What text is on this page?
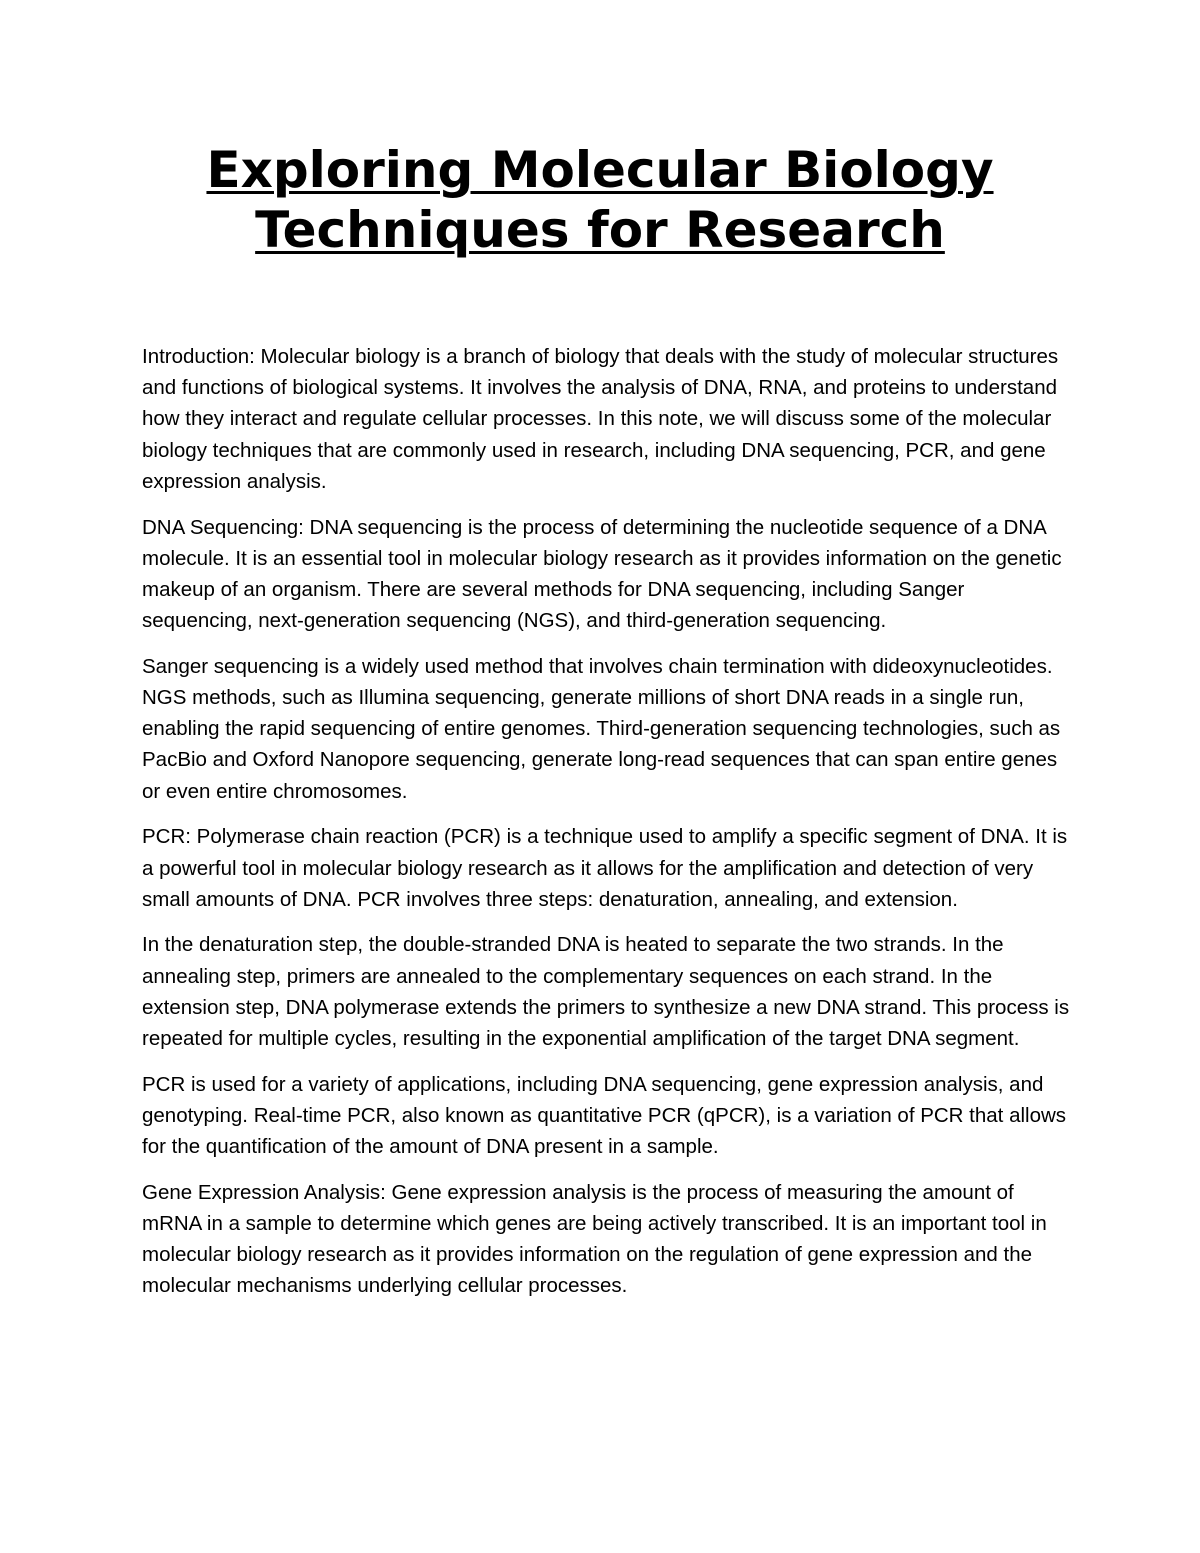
Exploring Molecular Biology
Techniques for Research

Introduction: Molecular biology is a branch of biology that deals with the study of molecular structures and functions of biological systems. It involves the analysis of DNA, RNA, and proteins to understand how they interact and regulate cellular processes. In this note, we will discuss some of the molecular biology techniques that are commonly used in research, including DNA sequencing, PCR, and gene expression analysis.

DNA Sequencing: DNA sequencing is the process of determining the nucleotide sequence of a DNA molecule. It is an essential tool in molecular biology research as it provides information on the genetic makeup of an organism. There are several methods for DNA sequencing, including Sanger sequencing, next-generation sequencing (NGS), and third-generation sequencing.

Sanger sequencing is a widely used method that involves chain termination with dideoxynucleotides. NGS methods, such as Illumina sequencing, generate millions of short DNA reads in a single run, enabling the rapid sequencing of entire genomes. Third-generation sequencing technologies, such as PacBio and Oxford Nanopore sequencing, generate long-read sequences that can span entire genes or even entire chromosomes.

PCR: Polymerase chain reaction (PCR) is a technique used to amplify a specific segment of DNA. It is a powerful tool in molecular biology research as it allows for the amplification and detection of very small amounts of DNA. PCR involves three steps: denaturation, annealing, and extension.

In the denaturation step, the double-stranded DNA is heated to separate the two strands. In the annealing step, primers are annealed to the complementary sequences on each strand. In the extension step, DNA polymerase extends the primers to synthesize a new DNA strand. This process is repeated for multiple cycles, resulting in the exponential amplification of the target DNA segment.

PCR is used for a variety of applications, including DNA sequencing, gene expression analysis, and genotyping. Real-time PCR, also known as quantitative PCR (qPCR), is a variation of PCR that allows for the quantification of the amount of DNA present in a sample.

Gene Expression Analysis: Gene expression analysis is the process of measuring the amount of mRNA in a sample to determine which genes are being actively transcribed. It is an important tool in molecular biology research as it provides information on the regulation of gene expression and the molecular mechanisms underlying cellular processes.
